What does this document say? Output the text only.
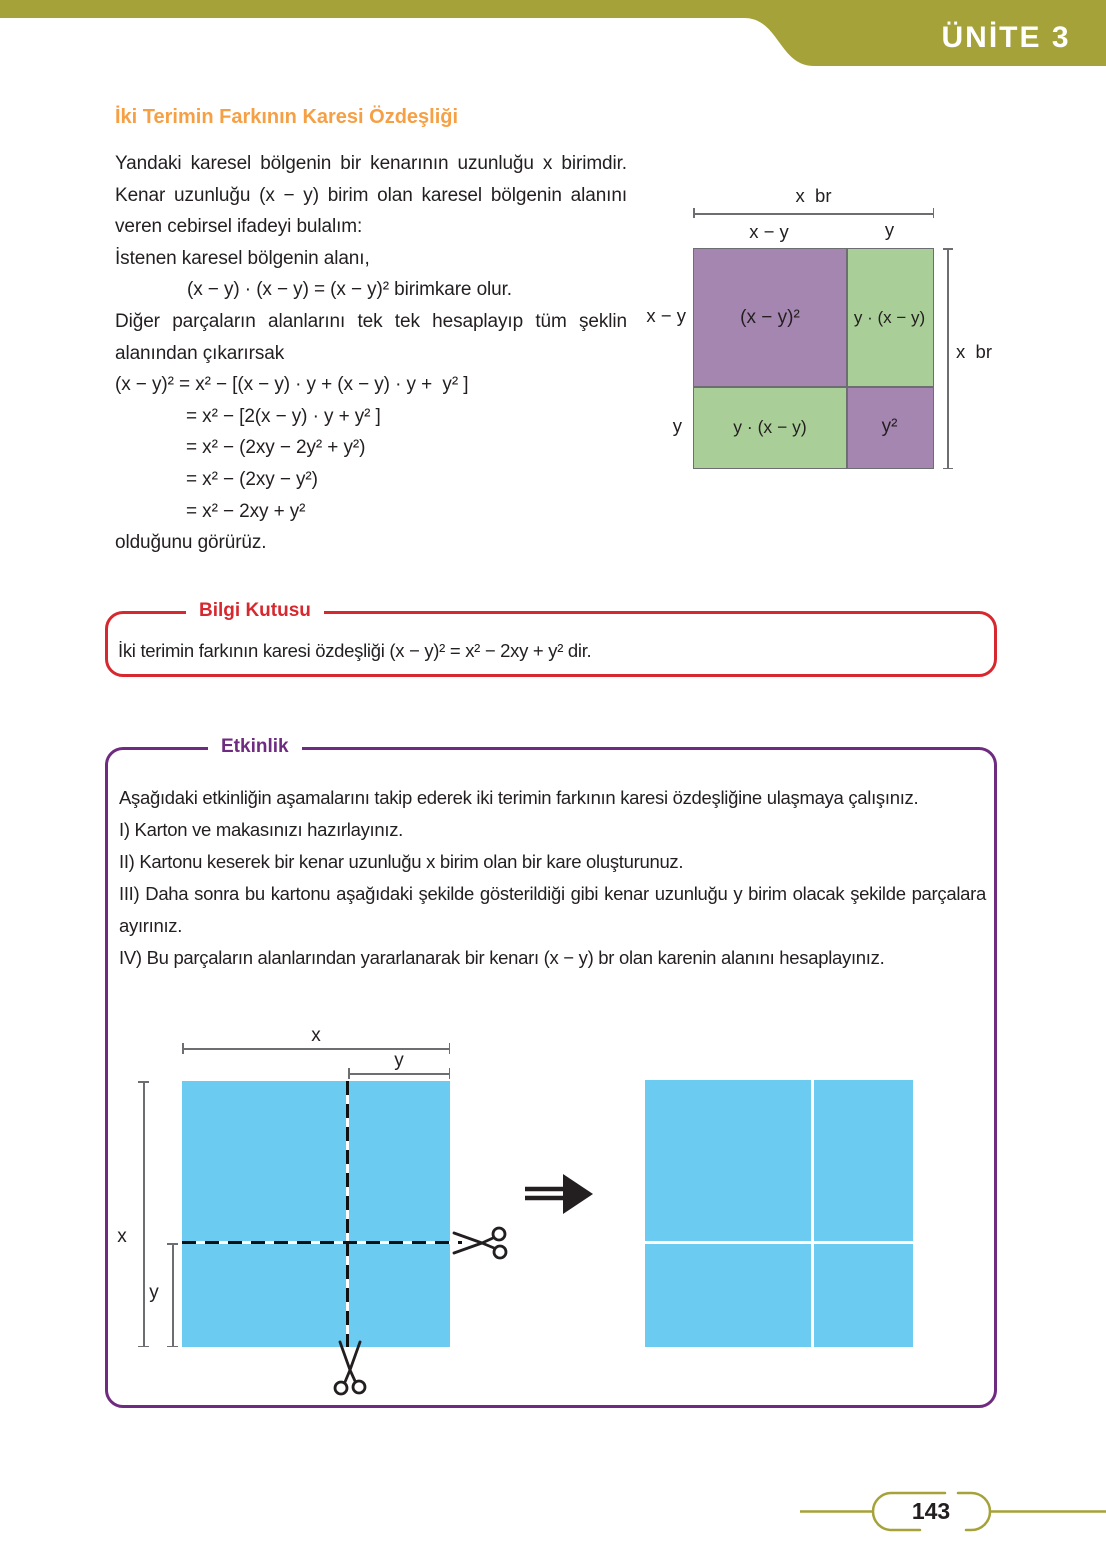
ÜNİTE 3
İki Terimin Farkının Karesi Özdeşliği

Yandaki karesel bölgenin bir kenarının uzunluğu x birimdir. Kenar uzunluğu (x − y) birim olan karesel bölgenin alanını veren cebirsel ifadeyi bulalım:

İstenen karesel bölgenin alanı,
(x − y) · (x − y) = (x − y)² birimkare olur.

Diğer parçaların alanlarını tek tek hesaplayıp tüm şeklin alanından çıkarırsak

(x − y)² = x² − [(x − y) · y + (x − y) · y +  y² ]
= x² − [2(x − y) · y + y² ]
= x² − (2xy − 2y² + y²)
= x² − (2xy − y²)
= x² − 2xy + y²
olduğunu görürüz.
x  br
x − y	y
x − y
y
(x − y)²	y · (x − y)
y · (x − y)	y²
x  br
Bilgi Kutusu
İki terimin farkının karesi özdeşliği (x − y)² = x² − 2xy + y² dir.
Etkinlik

Aşağıdaki etkinliğin aşamalarını takip ederek iki terimin farkının karesi özdeşliğine ulaşmaya çalışınız.

I) Karton ve makasınızı hazırlayınız.

II) Kartonu keserek bir kenar uzunluğu x birim olan bir kare oluşturunuz.

III) Daha sonra bu kartonu aşağıdaki şekilde gösterildiği gibi kenar uzunluğu y birim olacak şekilde parçalara ayırınız.

IV) Bu parçaların alanlarından yararlanarak bir kenarı (x − y) br olan karenin alanını hesaplayınız.

x
y
x
y
143
